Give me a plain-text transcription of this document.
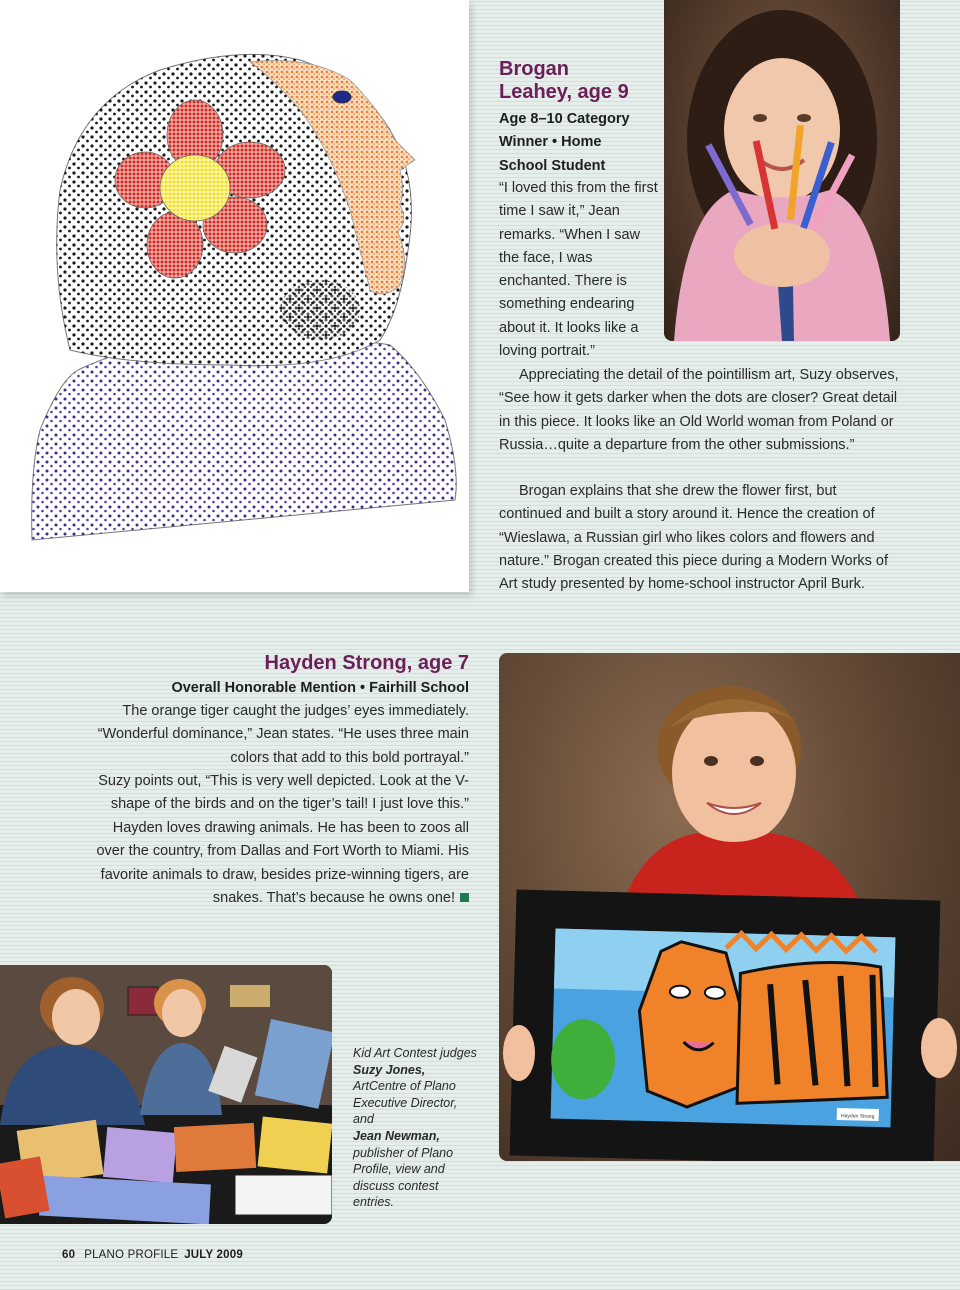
Brogan
Leahey, age 9
Age 8–10 Category
Winner • Home
School Student

“I loved this from the first time I saw it,” Jean remarks. “When I saw the face, I was enchanted. There is something endearing about it. It looks like a loving portrait.”

Appreciating the detail of the pointillism art, Suzy observes, “See how it gets darker when the dots are closer? Great detail in this piece. It looks like an Old World woman from Poland or Russia…quite a departure from the other submissions.”

Brogan explains that she drew the flower first, but continued and built a story around it. Hence the creation of “Wieslawa, a Russian girl who likes colors and flowers and nature.” Brogan created this piece during a Modern Works of Art study presented by home-school instructor April Burk.

Hayden Strong, age 7
Overall Honorable Mention • Fairhill School

The orange tiger caught the judges’ eyes immediately. “Wonderful dominance,” Jean states. “He uses three main colors that add to this bold portrayal.”

Suzy points out, “This is very well depicted. Look at the V-shape of the birds and on the tiger’s tail! I just love this.”

Hayden loves drawing animals. He has been to zoos all over the country, from Dallas and Fort Worth to Miami. His favorite animals to draw, besides prize-winning tigers, are snakes. That’s because he owns one!

Hayden Strong
Kid Art Contest judges
Suzy Jones,
ArtCentre of Plano Executive Director, and
Jean Newman,
publisher of Plano Profile, view and discuss contest entries.
60 PLANO PROFILE JULY 2009
